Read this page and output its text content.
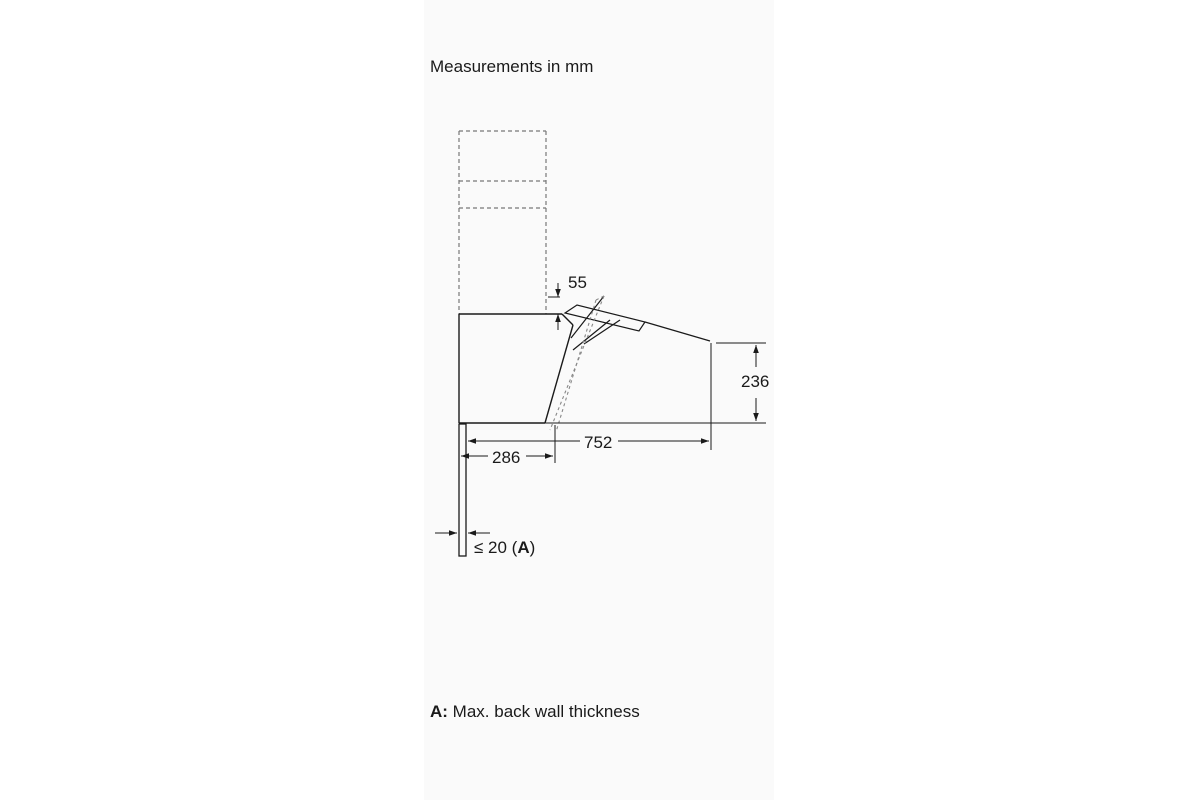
Measurements in mm
55
236
752
286
≤ 20 (A)
A: Max. back wall thickness
